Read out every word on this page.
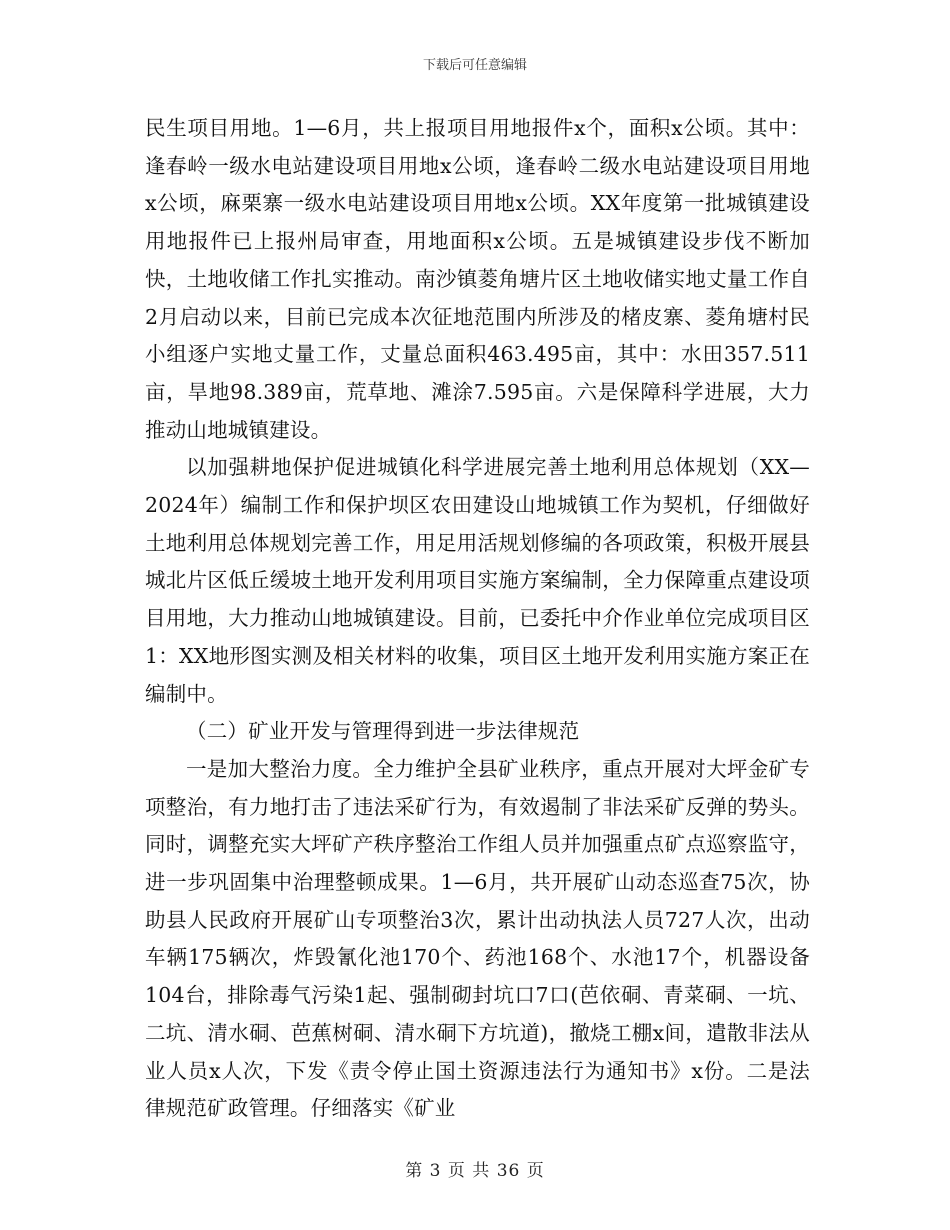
下载后可任意编辑

民生项目用地。1—6月，共上报项目用地报件x个，面积x公顷。其中：逢春岭一级水电站建设项目用地x公顷，逢春岭二级水电站建设项目用地x公顷，麻栗寨一级水电站建设项目用地x公顷。XX年度第一批城镇建设用地报件已上报州局审查，用地面积x公顷。五是城镇建设步伐不断加快，土地收储工作扎实推动。南沙镇菱角塘片区土地收储实地丈量工作自2月启动以来，目前已完成本次征地范围内所涉及的楮皮寨、菱角塘村民小组逐户实地丈量工作，丈量总面积463.495亩，其中：水田357.511亩，旱地98.389亩，荒草地、滩涂7.595亩。六是保障科学进展，大力推动山地城镇建设。

以加强耕地保护促进城镇化科学进展完善土地利用总体规划（XX—2024年）编制工作和保护坝区农田建设山地城镇工作为契机，仔细做好土地利用总体规划完善工作，用足用活规划修编的各项政策，积极开展县城北片区低丘缓坡土地开发利用项目实施方案编制，全力保障重点建设项目用地，大力推动山地城镇建设。目前，已委托中介作业单位完成项目区1：XX地形图实测及相关材料的收集，项目区土地开发利用实施方案正在编制中。

（二）矿业开发与管理得到进一步法律规范

一是加大整治力度。全力维护全县矿业秩序，重点开展对大坪金矿专项整治，有力地打击了违法采矿行为，有效遏制了非法采矿反弹的势头。同时，调整充实大坪矿产秩序整治工作组人员并加强重点矿点巡察监守，进一步巩固集中治理整顿成果。1—6月，共开展矿山动态巡查75次，协助县人民政府开展矿山专项整治3次，累计出动执法人员727人次，出动车辆175辆次，炸毁氰化池170个、药池168个、水池17个，机器设备104台，排除毒气污染1起、强制砌封坑口7口(芭依硐、青菜硐、一坑、二坑、清水硐、芭蕉树硐、清水硐下方坑道)，撤烧工棚x间，遣散非法从业人员x人次，下发《责令停止国土资源违法行为通知书》x份。二是法律规范矿政管理。仔细落实《矿业

第 3 页 共 36 页
